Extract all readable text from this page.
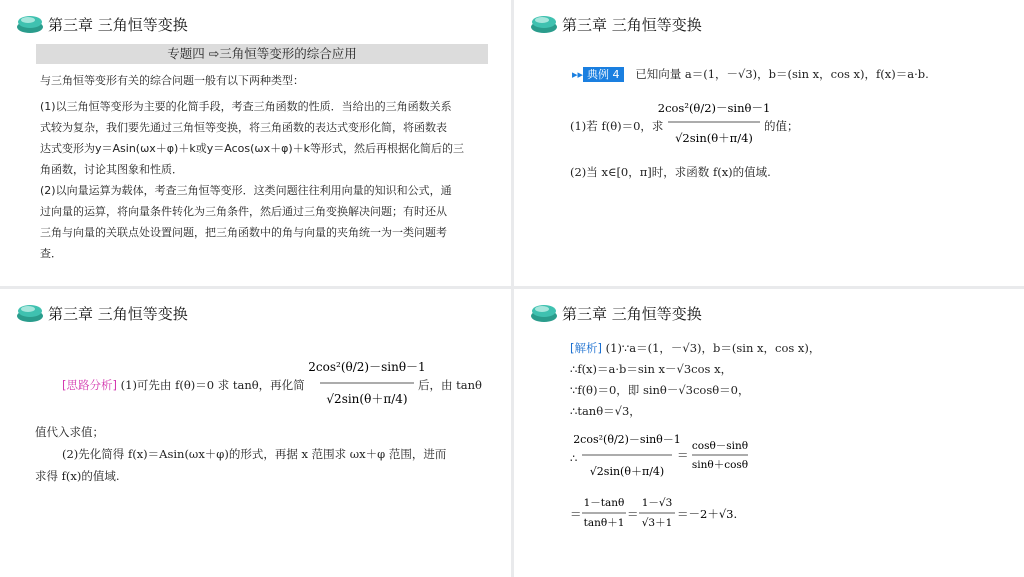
第三章 三角恒等变换
专题四 ⇨三角恒等变形的综合应用
与三角恒等变形有关的综合问题一般有以下两种类型：
(1)以三角恒等变形为主要的化简手段，考查三角函数的性质．当给出的三角函数关系
式较为复杂，我们要先通过三角恒等变换，将三角函数的表达式变形化简，将函数表
达式变形为y＝Asin(ωx＋φ)＋k或y＝Acos(ωx＋φ)＋k等形式，然后再根据化简后的三
角函数，讨论其图象和性质．
(2)以向量运算为载体，考查三角恒等变形．这类问题往往利用向量的知识和公式，通
过向量的运算，将向量条件转化为三角条件，然后通过三角变换解决问题；有时还从
三角与向量的关联点处设置问题，把三角函数中的角与向量的夹角统一为一类问题考
查．
第三章 三角恒等变换
▸▸ 典例 4 已知向量 a＝(1，－√3)，b＝(sin x，cos x)，f(x)＝a·b.
(1)若 f(θ)＝0，求
2cos²(θ/2)－sinθ－1
√2sin(θ＋π/4)
的值；
(2)当 x∈[0，π]时，求函数 f(x)的值域.
第三章 三角恒等变换
[思路分析] (1)可先由 f(θ)＝0 求 tanθ，再化简
2cos²(θ/2)－sinθ－1
√2sin(θ＋π/4)
后，由 tanθ
值代入求值；
(2)先化简得 f(x)＝Asin(ωx＋φ)的形式，再据 x 范围求 ωx＋φ 范围，进而
求得 f(x)的值域.
第三章 三角恒等变换
[解析] (1)∵a＝(1，－√3)，b＝(sin x，cos x)，
∴f(x)＝a·b＝sin x－√3cos x，
∵f(θ)＝0，即 sinθ－√3cosθ＝0，
∴tanθ＝√3，
∴
2cos²(θ/2)－sinθ－1
√2sin(θ＋π/4)
＝
cosθ－sinθ
sinθ＋cosθ
＝
1－tanθ
tanθ＋1
＝
1－√3
√3＋1
＝－2＋√3.
